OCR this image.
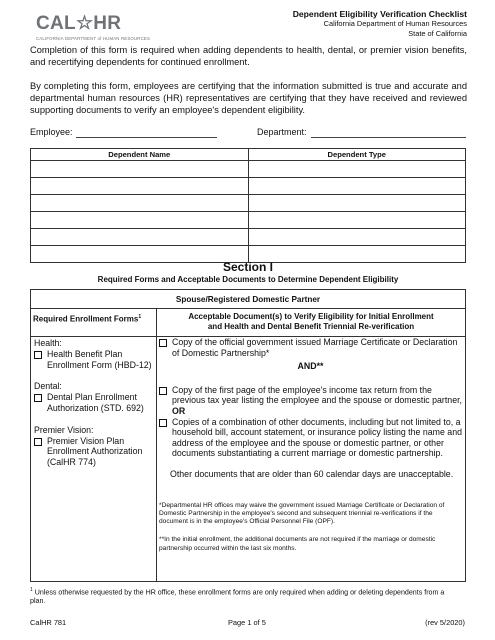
CAL☆HR
CALIFORNIA DEPARTMENT of HUMAN RESOURCES
Dependent Eligibility Verification Checklist
California Department of Human Resources
State of California
Completion of this form is required when adding dependents to health, dental, or premier vision benefits, and recertifying dependents for continued enrollment.
By completing this form, employees are certifying that the information submitted is true and accurate and departmental human resources (HR) representatives are certifying that they have received and reviewed supporting documents to verify an employee's dependent eligibility.
Employee:	Department:
Dependent Name	Dependent Type

Section I
Required Forms and Acceptable Documents to Determine Dependent Eligibility
Spouse/Registered Domestic Partner
Required Enrollment Forms$^1$	Acceptable Document(s) to Verify Eligibility for Initial Enrollment
and Health and Dental Benefit Triennial Re-verification
Health:
Health Benefit Plan Enrollment Form (HBD-12)
Dental:
Dental Plan Enrollment Authorization (STD. 692)
Premier Vision:
Premier Vision Plan Enrollment Authorization (CalHR 774)
Copy of the official government issued Marriage Certificate or Declaration of Domestic Partnership*
AND**
Copy of the first page of the employee's income tax return from the previous tax year listing the employee and the spouse or domestic partner, OR
Copies of a combination of other documents, including but not limited to, a household bill, account statement, or insurance policy listing the name and address of the employee and the spouse or domestic partner, or other documents substantiating a current marriage or domestic partnership.
Other documents that are older than 60 calendar days are unacceptable.
*Departmental HR offices may waive the government issued Marriage Certificate or Declaration of Domestic Partnership in the employee's second and subsequent triennial re-verifications if the document is in the employee's Official Personnel File (OPF).
**In the initial enrollment, the additional documents are not required if the marriage or domestic partnership occurred within the last six months.
$^1$ Unless otherwise requested by the HR office, these enrollment forms are only required when adding or deleting dependents from a plan.
CalHR 781	Page 1 of 5	(rev 5/2020)
